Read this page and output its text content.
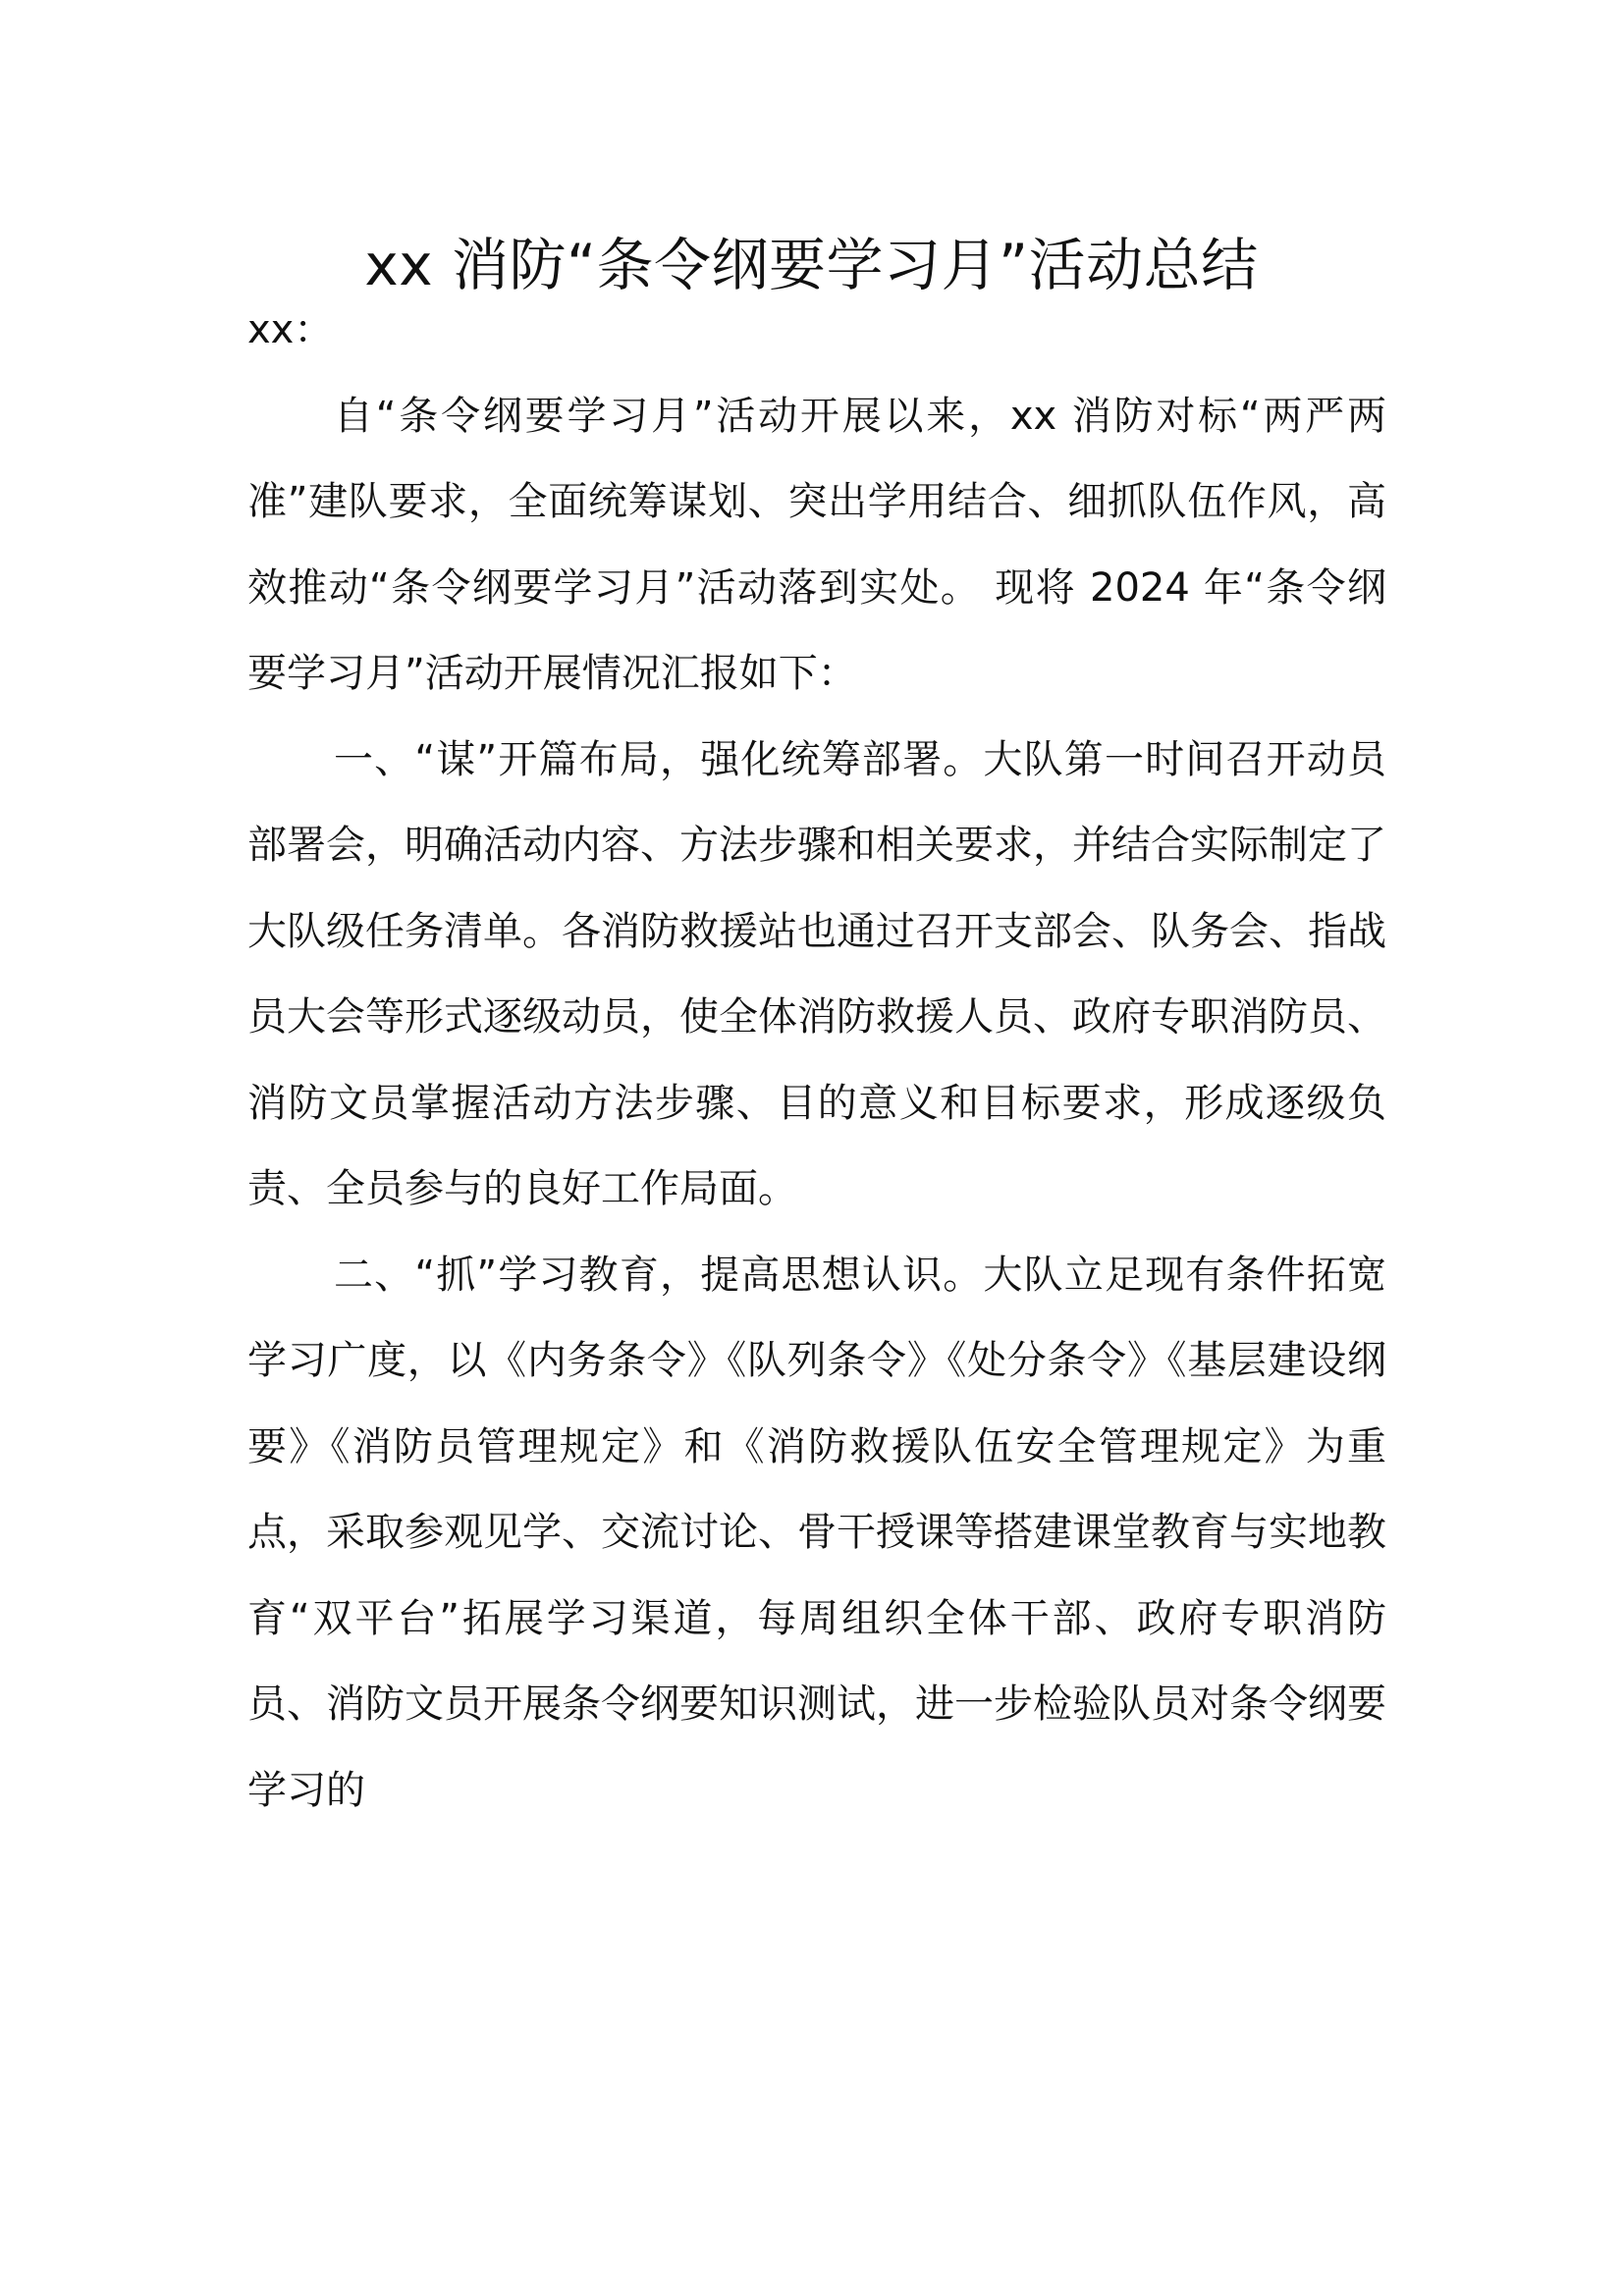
xx 消防“条令纲要学习月”活动总结

xx：

自“条令纲要学习月”活动开展以来，xx 消防对标“两严两准”建队要求，全面统筹谋划、突出学用结合、细抓队伍作风，高效推动“条令纲要学习月”活动落到实处。 现将 2024 年“条令纲要学习月”活动开展情况汇报如下：

一、“谋”开篇布局，强化统筹部署。大队第一时间召开动员部署会，明确活动内容、方法步骤和相关要求，并结合实际制定了大队级任务清单。各消防救援站也通过召开支部会、队务会、指战员大会等形式逐级动员，使全体消防救援人员、政府专职消防员、消防文员掌握活动方法步骤、目的意义和目标要求，形成逐级负责、全员参与的良好工作局面。

二、“抓”学习教育，提高思想认识。大队立足现有条件拓宽学习广度，以《内务条令》《队列条令》《处分条令》《基层建设纲要》《消防员管理规定》和《消防救援队伍安全管理规定》为重点，采取参观见学、交流讨论、骨干授课等搭建课堂教育与实地教育“双平台”拓展学习渠道，每周组织全体干部、政府专职消防员、消防文员开展条令纲要知识测试，进一步检验队员对条令纲要学习的
